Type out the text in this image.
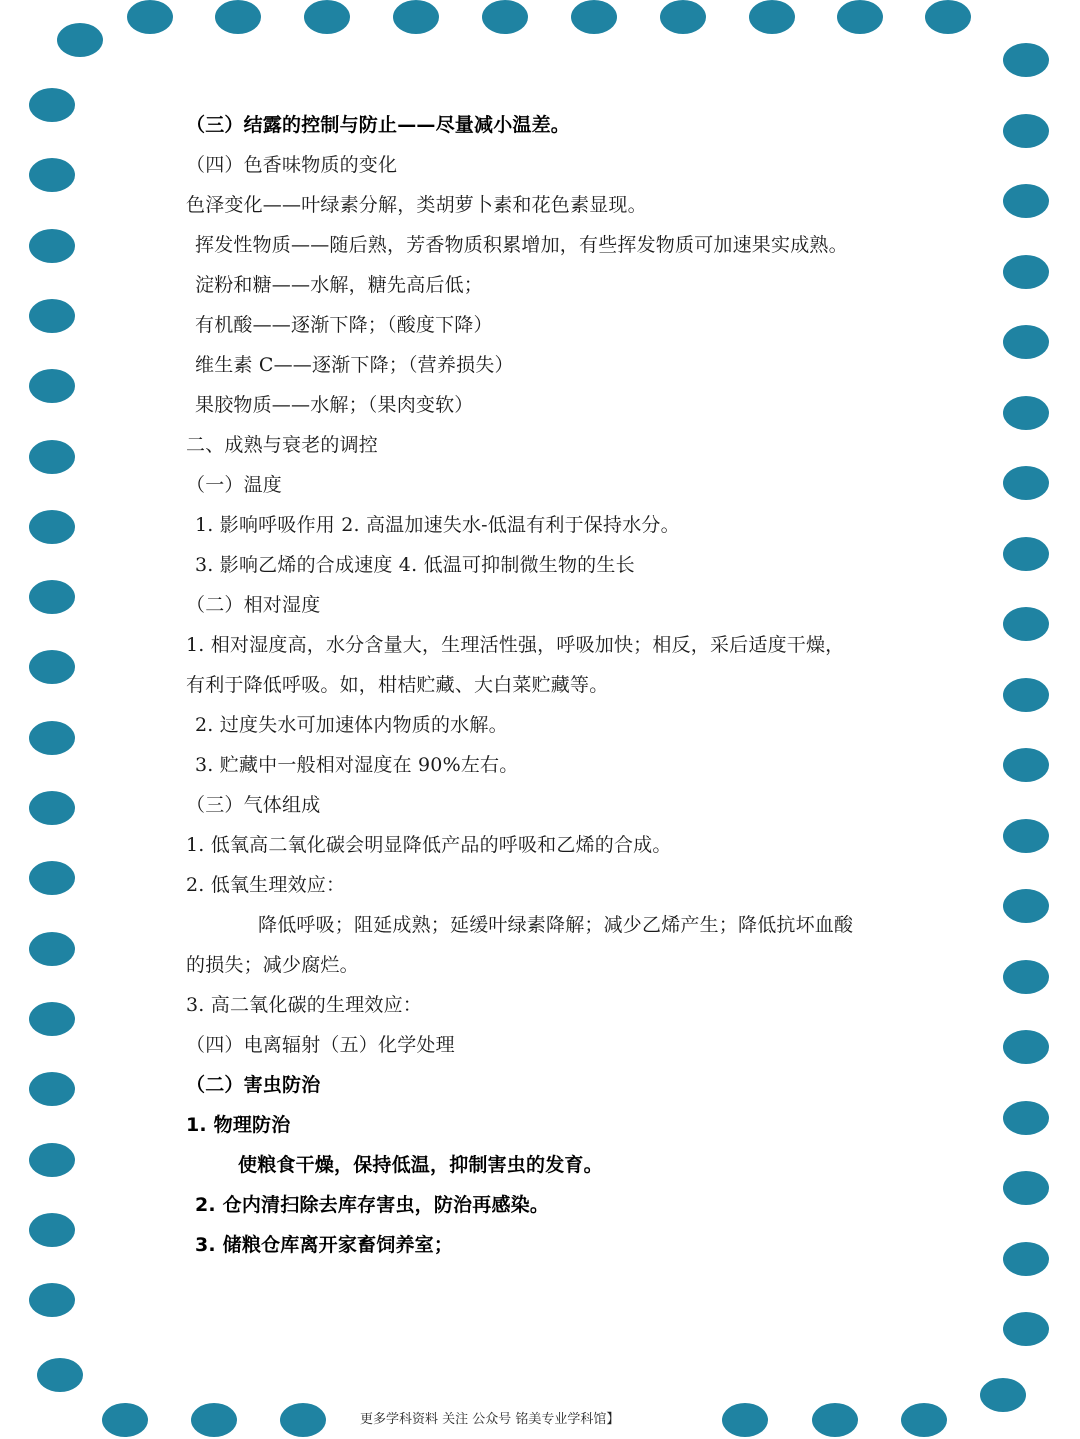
（三）结露的控制与防止——尽量减小温差。
（四）色香味物质的变化
色泽变化——叶绿素分解，类胡萝卜素和花色素显现。
挥发性物质——随后熟，芳香物质积累增加，有些挥发物质可加速果实成熟。
淀粉和糖——水解，糖先高后低；
有机酸——逐渐下降；（酸度下降）
维生素 C——逐渐下降；（营养损失）
果胶物质——水解；（果肉变软）
二、成熟与衰老的调控
（一）温度
1. 影响呼吸作用 2. 高温加速失水-低温有利于保持水分。
3. 影响乙烯的合成速度 4. 低温可抑制微生物的生长
（二）相对湿度
1. 相对湿度高，水分含量大，生理活性强，呼吸加快；相反，采后适度干燥，
有利于降低呼吸。如，柑桔贮藏、大白菜贮藏等。
2. 过度失水可加速体内物质的水解。
3. 贮藏中一般相对湿度在 90%左右。
（三）气体组成
1. 低氧高二氧化碳会明显降低产品的呼吸和乙烯的合成。
2. 低氧生理效应：
降低呼吸；阻延成熟；延缓叶绿素降解；减少乙烯产生；降低抗坏血酸
的损失；减少腐烂。
3. 高二氧化碳的生理效应：
（四）电离辐射（五）化学处理
（二）害虫防治
1. 物理防治
使粮食干燥，保持低温，抑制害虫的发育。
2. 仓内清扫除去库存害虫，防治再感染。
3. 储粮仓库离开家畜饲养室；
更多学科资料 关注 公众号 铭美专业学科馆】
